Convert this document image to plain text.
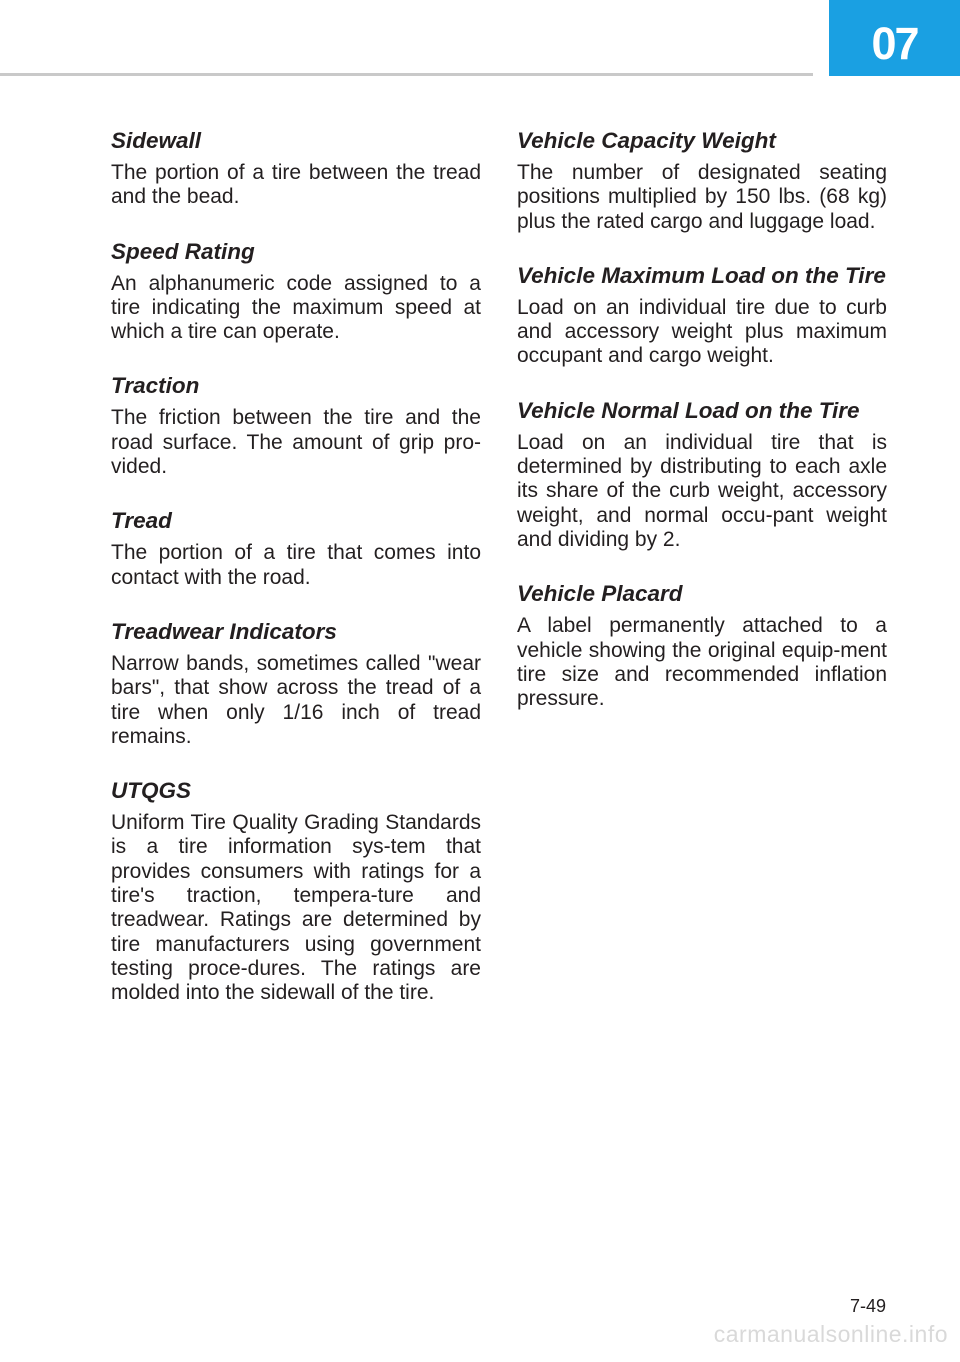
07
Sidewall

The portion of a tire between the tread and the bead.

Speed Rating

An alphanumeric code assigned to a tire indicating the maximum speed at which a tire can operate.

Traction

The friction between the tire and the road surface. The amount of grip pro-vided.

Tread

The portion of a tire that comes into contact with the road.

Treadwear Indicators

Narrow bands, sometimes called "wear bars", that show across the tread of a tire when only 1/16 inch of tread remains.

UTQGS

Uniform Tire Quality Grading Standards is a tire information sys-tem that provides consumers with ratings for a tire's traction, tempera-ture and treadwear. Ratings are determined by tire manufacturers using government testing proce-dures. The ratings are molded into the sidewall of the tire.

Vehicle Capacity Weight

The number of designated seating positions multiplied by 150 lbs. (68 kg) plus the rated cargo and luggage load.

Vehicle Maximum Load on the Tire

Load on an individual tire due to curb and accessory weight plus maximum occupant and cargo weight.

Vehicle Normal Load on the Tire

Load on an individual tire that is determined by distributing to each axle its share of the curb weight, accessory weight, and normal occu-pant weight and dividing by 2.

Vehicle Placard

A label permanently attached to a vehicle showing the original equip-ment tire size and recommended inflation pressure.

7-49
carmanualsonline.info
